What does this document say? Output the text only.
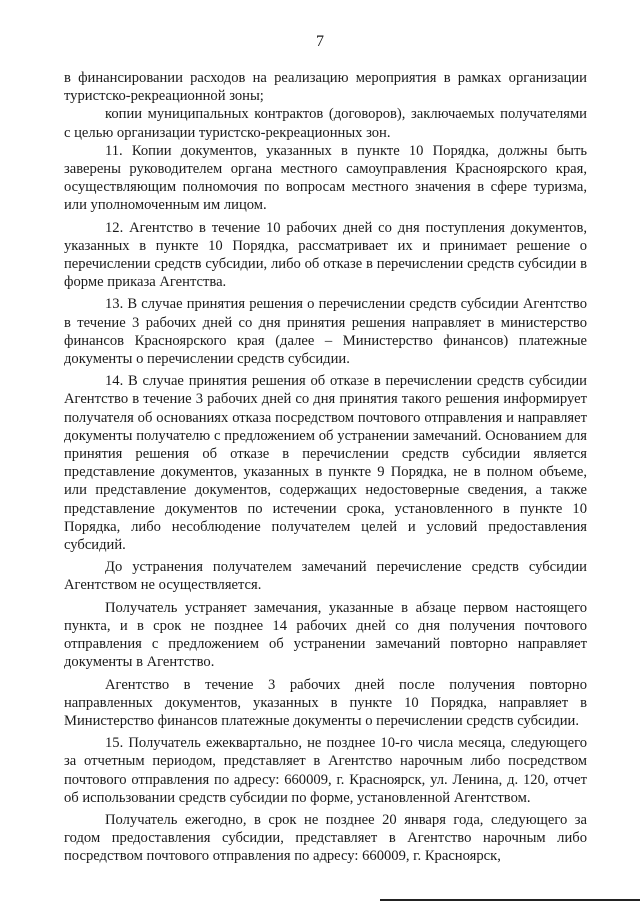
7

в финансировании расходов на реализацию мероприятия в рамках организации туристско-рекреационной зоны;

копии муниципальных контрактов (договоров), заключаемых получателями с целью организации туристско-рекреационных зон.

11. Копии документов, указанных в пункте 10 Порядка, должны быть заверены руководителем органа местного самоуправления Красноярского края, осуществляющим полномочия по вопросам местного значения в сфере туризма, или уполномоченным им лицом.

12. Агентство в течение 10 рабочих дней со дня поступления документов, указанных в пункте 10 Порядка, рассматривает их и принимает решение о перечислении средств субсидии, либо об отказе в перечислении средств субсидии в форме приказа Агентства.

13. В случае принятия решения о перечислении средств субсидии Агентство в течение 3 рабочих дней со дня принятия решения направляет в министерство финансов Красноярского края (далее – Министерство финансов) платежные документы о перечислении средств субсидии.

14. В случае принятия решения об отказе в перечислении средств субсидии Агентство в течение 3 рабочих дней со дня принятия такого решения информирует получателя об основаниях отказа посредством почтового отправления и направляет документы получателю с предложением об устранении замечаний. Основанием для принятия решения об отказе в перечислении средств субсидии является представление документов, указанных в пункте 9 Порядка, не в полном объеме, или представление документов, содержащих недостоверные сведения, а также представление документов по истечении срока, установленного в пункте 10 Порядка, либо несоблюдение получателем целей и условий предоставления субсидий.

До устранения получателем замечаний перечисление средств субсидии Агентством не осуществляется.

Получатель устраняет замечания, указанные в абзаце первом настоящего пункта, и в срок не позднее 14 рабочих дней со дня получения почтового отправления с предложением об устранении замечаний повторно направляет документы в Агентство.

Агентство в течение 3 рабочих дней после получения повторно направленных документов, указанных в пункте 10 Порядка, направляет в Министерство финансов платежные документы о перечислении средств субсидии.

15. Получатель ежеквартально, не позднее 10-го числа месяца, следующего за отчетным периодом, представляет в Агентство нарочным либо посредством почтового отправления по адресу: 660009, г. Красноярск, ул. Ленина, д. 120, отчет об использовании средств субсидии по форме, установленной Агентством.

Получатель ежегодно, в срок не позднее 20 января года, следующего за годом предоставления субсидии, представляет в Агентство нарочным либо посредством почтового отправления по адресу: 660009, г. Красноярск,
